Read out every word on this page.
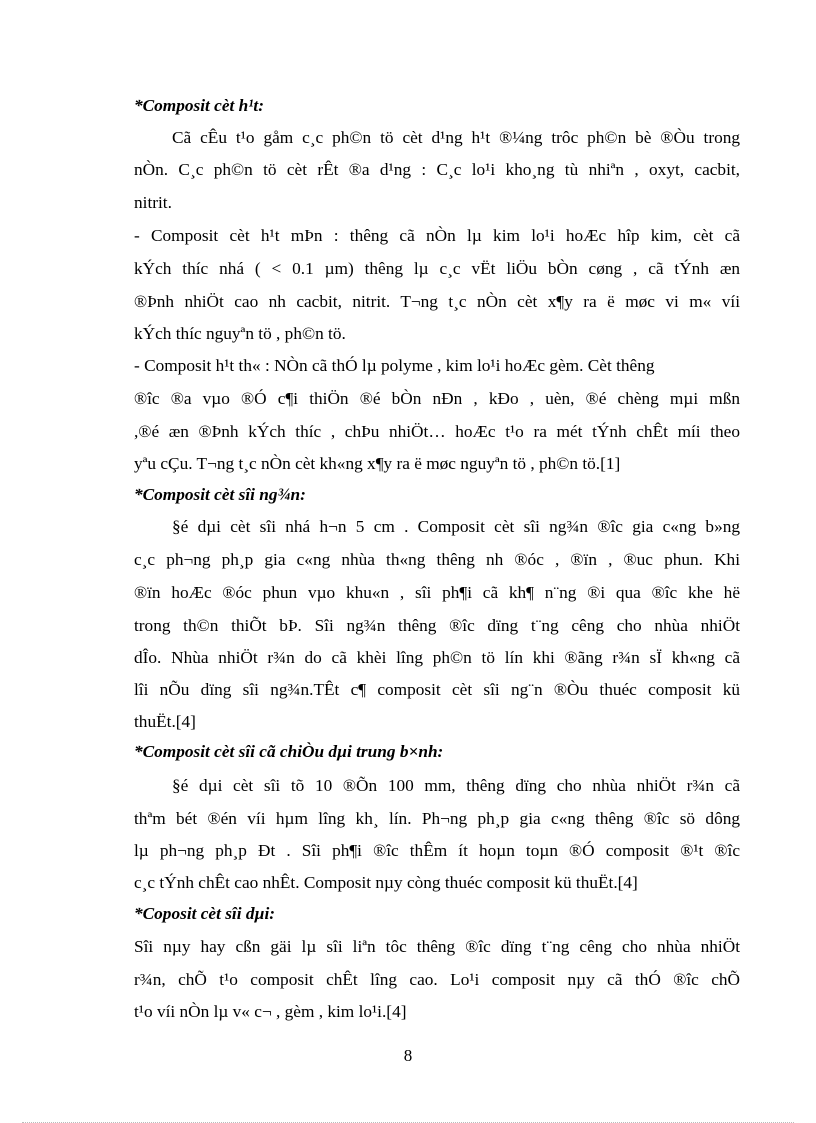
*Composit cèt h¹t:
Cã cÊu t¹o gåm c¸c ph©n tö cèt d¹ng h¹t ®¼ng trôc ph©n bè ®Òu trong
nÒn. C¸c ph©n tö cèt rÊt ®a d¹ng : C¸c lo¹i kho¸ng tù nhiªn , oxyt, cacbit,
nitrit.
- Composit cèt h¹t mÞn : thêng cã nÒn lµ kim lo¹i hoÆc hîp kim, cèt cã
kÝch thíc nhá ( < 0.1 µm) thêng lµ c¸c vËt liÖu bÒn cøng , cã tÝnh æn
®Þnh nhiÖt cao nh cacbit, nitrit. T¬ng t¸c nÒn cèt x¶y ra ë møc vi m« víi
kÝch thíc nguyªn tö , ph©n tö.
- Composit h¹t th« : NÒn cã thÓ lµ polyme , kim lo¹i hoÆc gèm. Cèt thêng
®îc ®a vµo ®Ó c¶i thiÖn ®é bÒn nÐn , kÐo , uèn, ®é chèng mµi mßn
,®é æn ®Þnh kÝch thíc , chÞu nhiÖt… hoÆc t¹o ra mét tÝnh chÊt míi theo
yªu cÇu. T¬ng t¸c nÒn cèt kh«ng x¶y ra ë møc nguyªn tö , ph©n tö.[1]
*Composit cèt sîi ng¾n:
§é dµi cèt sîi nhá h¬n 5 cm . Composit cèt sîi ng¾n ®îc gia c«ng b»ng
c¸c ph¬ng ph¸p gia c«ng nhùa th«ng thêng nh ®óc , ®ïn , ®uc phun. Khi
®ïn hoÆc ®óc phun vµo khu«n , sîi ph¶i cã kh¶ n¨ng ®i qua ®îc khe hë
trong th©n thiÕt bÞ. Sîi ng¾n thêng ®îc dïng t¨ng cêng cho nhùa nhiÖt
dÎo. Nhùa nhiÖt r¾n do cã khèi lîng ph©n tö lín khi ®ãng r¾n sÏ kh«ng cã
lîi nÕu dïng sîi ng¾n.TÊt c¶ composit cèt sîi ng¨n ®Òu thuéc composit kü
thuËt.[4]
*Composit cèt sîi cã chiÒu dµi trung b×nh:
§é dµi cèt sîi tõ 10 ®Õn 100 mm, thêng dïng cho nhùa nhiÖt r¾n cã
thªm bét ®én víi hµm lîng kh¸ lín. Ph¬ng ph¸p gia c«ng thêng ®îc sö dông
lµ ph¬ng ph¸p Ðt . Sîi ph¶i ®îc thÊm ít hoµn toµn ®Ó composit ®¹t ®îc
c¸c tÝnh chÊt cao nhÊt. Composit nµy còng thuéc composit kü thuËt.[4]
*Coposit cèt sîi dµi:
Sîi nµy hay cßn gäi lµ sîi liªn tôc thêng ®îc dïng t¨ng cêng cho nhùa nhiÖt
r¾n, chÕ t¹o composit chÊt lîng cao. Lo¹i composit nµy cã thÓ ®îc chÕ
t¹o víi nÒn lµ v« c¬ , gèm , kim lo¹i.[4]
8
